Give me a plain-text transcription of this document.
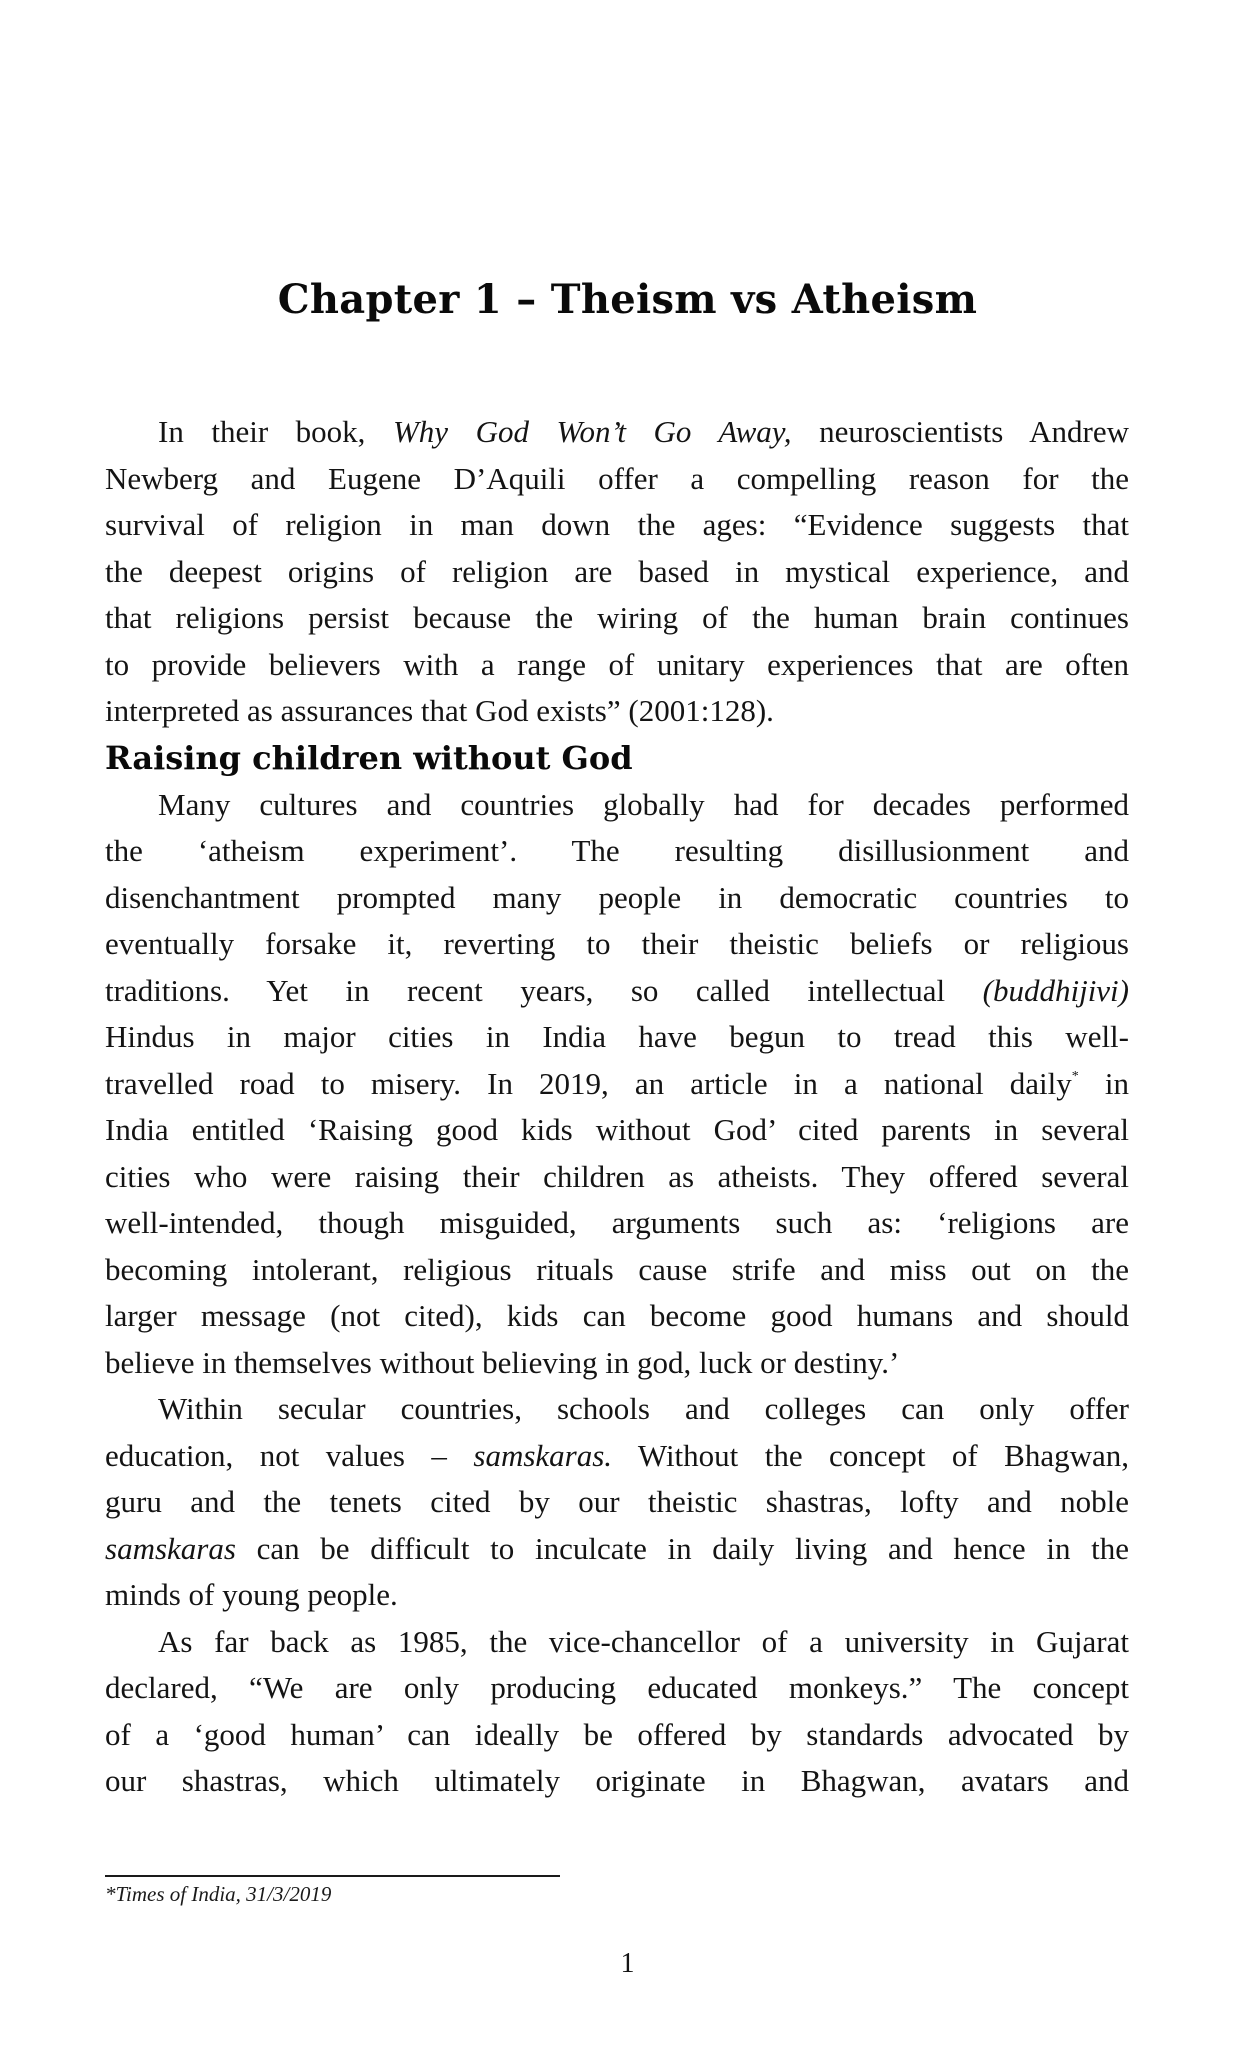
Chapter 1 – Theism vs Atheism
In their book, Why God Won’t Go Away, neuroscientists Andrew
Newberg and Eugene D’Aquili offer a compelling reason for the
survival of religion in man down the ages: “Evidence suggests that
the deepest origins of religion are based in mystical experience, and
that religions persist because the wiring of the human brain continues
to provide believers with a range of unitary experiences that are often
interpreted as assurances that God exists” (2001:128).
Raising children without God
Many cultures and countries globally had for decades performed
the ‘atheism experiment’. The resulting disillusionment and
disenchantment prompted many people in democratic countries to
eventually forsake it, reverting to their theistic beliefs or religious
traditions. Yet in recent years, so called intellectual (buddhijivi)
Hindus in major cities in India have begun to tread this well-
travelled road to misery. In 2019, an article in a national daily* in
India entitled ‘Raising good kids without God’ cited parents in several
cities who were raising their children as atheists. They offered several
well-intended, though misguided, arguments such as: ‘religions are
becoming intolerant, religious rituals cause strife and miss out on the
larger message (not cited), kids can become good humans and should
believe in themselves without believing in god, luck or destiny.’
Within secular countries, schools and colleges can only offer
education, not values – samskaras. Without the concept of Bhagwan,
guru and the tenets cited by our theistic shastras, lofty and noble
samskaras can be difficult to inculcate in daily living and hence in the
minds of young people.
As far back as 1985, the vice-chancellor of a university in Gujarat
declared, “We are only producing educated monkeys.” The concept
of a ‘good human’ can ideally be offered by standards advocated by
our shastras, which ultimately originate in Bhagwan, avatars and
*Times of India, 31/3/2019
1
